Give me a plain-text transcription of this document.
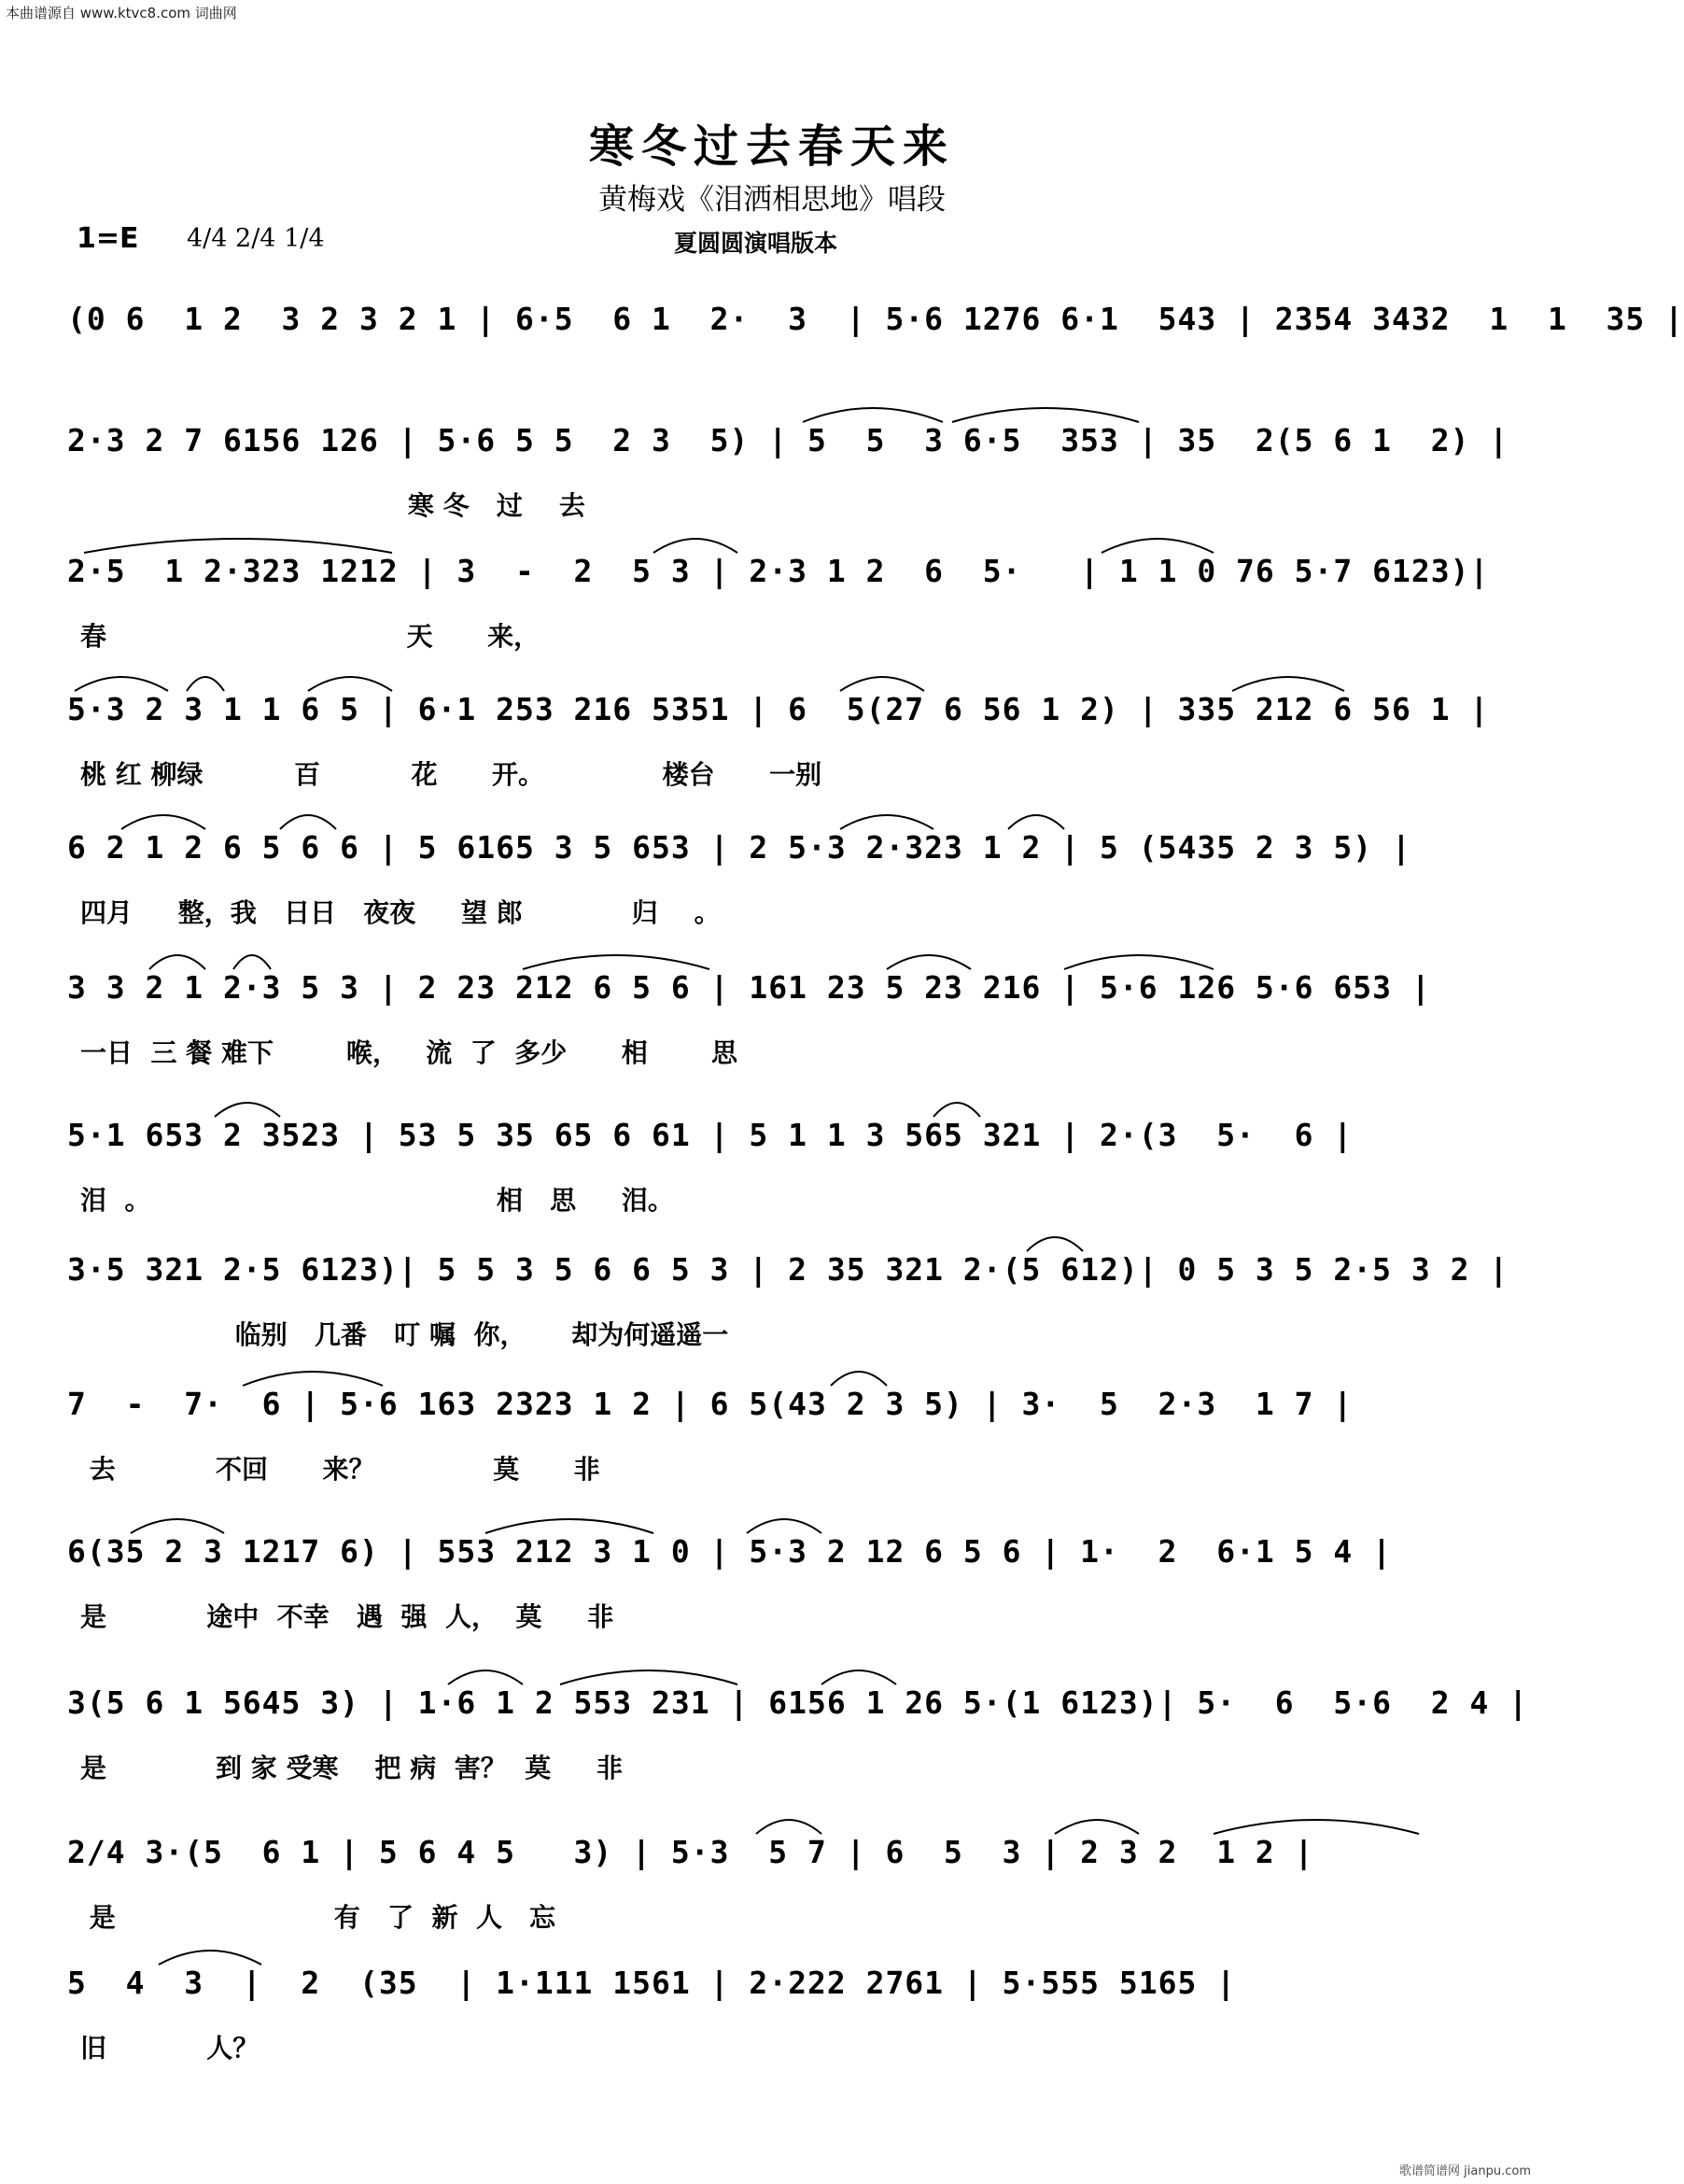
本曲谱源自 www.ktvc8.com 词曲网
寒冬过去春天来
黄梅戏《泪洒相思地》唱段
1=E 4/4 2/4 1/4	夏圆圆演唱版本
(0 6  1 2  3 2 3 2 1 | 6·5  6 1  2·  3  | 5·6 1276 6·1  543 | 2354 3432  1  1  35 |
2·3 2 7 6156 126 | 5·6 5 5  2 3  5) | 5  5  3 6·5  353 | 35  2(5 6 1  2) |
寒 冬   过    去
2·5  1 2·323 1212 | 3  -  2  5 3 | 2·3 1 2  6  5·   | 1 1 0 76 5·7 6123)|
春                                 天      来，
5·3 2 3 1 1 6 5 | 6·1 253 216 5351 | 6  5(27 6 56 1 2) | 335 212 6 56 1 |
桃 红 柳绿          百          花      开。             楼台      一别
6 2 1 2 6 5 6 6 | 5 6165 3 5 653 | 2 5·3 2·323 1 2 | 5 (5435 2 3 5) |
四月     整，我   日日   夜夜     望 郎            归    。
3 3 2 1 2·3 5 3 | 2 23 212 6 5 6 | 161 23 5 23 216 | 5·6 126 5·6 653 |
一日  三 餐 难下        喉，   流  了  多少      相       思
5·1 653 2 3523 | 53 5 35 65 6 61 | 5 1 1 3 565 321 | 2·(3  5·  6 |
泪  。                                      相   思     泪。
3·5 321 2·5 6123)| 5 5 3 5 6 6 5 3 | 2 35 321 2·(5 612)| 0 5 3 5 2·5 3 2 |
临别   几番   叮 嘱  你，     却为何遥遥一
7  -  7·  6 | 5·6 163 2323 1 2 | 6 5(43 2 3 5) | 3·  5  2·3  1 7 |
去           不回      来？             莫      非
6(35 2 3 1217 6) | 553 212 3 1 0 | 5·3 2 12 6 5 6 | 1·  2  6·1 5 4 |
是           途中  不幸   遇  强  人，  莫     非
3(5 6 1 5645 3) | 1·6 1 2 553 231 | 6156 1 26 5·(1 6123)| 5·  6  5·6  2 4 |
是            到 家 受寒    把 病  害？  莫     非
2/4 3·(5  6 1 | 5 6 4 5   3) | 5·3  5 7 | 6  5  3 | 2 3 2  1 2 |
是                        有   了  新  人   忘
5  4  3  |  2  (35  | 1·111 1561 | 2·222 2761 | 5·555 5165 |
旧           人？
歌谱简谱网 jianpu.com
